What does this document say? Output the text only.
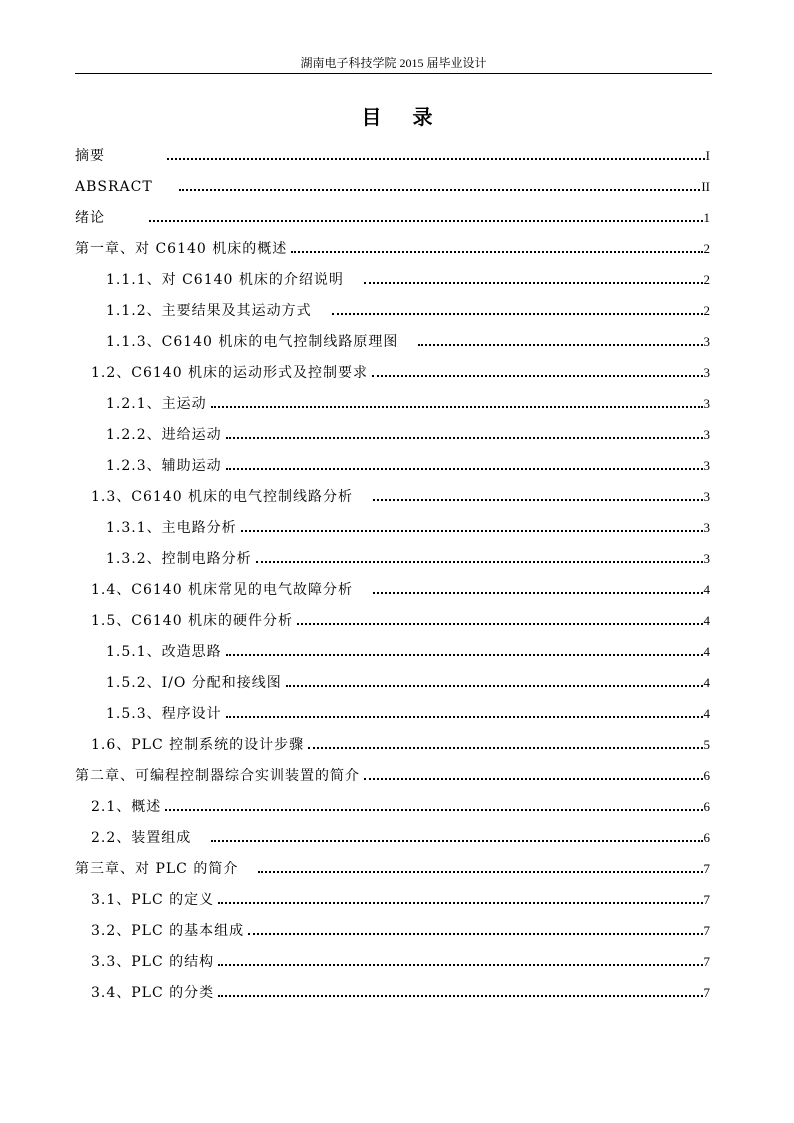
湖南电子科技学院 2015 届毕业设计
目 录
摘要	I
ABSRACT	II
绪论	1
第一章、对 C6140 机床的概述	2
1.1.1、对 C6140 机床的介绍说明	2
1.1.2、主要结果及其运动方式	2
1.1.3、C6140 机床的电气控制线路原理图	3
1.2、C6140 机床的运动形式及控制要求	3
1.2.1、主运动	3
1.2.2、进给运动	3
1.2.3、辅助运动	3
1.3、C6140 机床的电气控制线路分析	3
1.3.1、主电路分析	3
1.3.2、控制电路分析	3
1.4、C6140 机床常见的电气故障分析	4
1.5、C6140 机床的硬件分析	4
1.5.1、改造思路	4
1.5.2、I/O 分配和接线图	4
1.5.3、程序设计	4
1.6、PLC 控制系统的设计步骤	5
第二章、可编程控制器综合实训装置的简介	6
2.1、概述	6
2.2、装置组成	6
第三章、对 PLC 的简介	7
3.1、PLC 的定义	7
3.2、PLC 的基本组成	7
3.3、PLC 的结构	7
3.4、PLC 的分类	7
